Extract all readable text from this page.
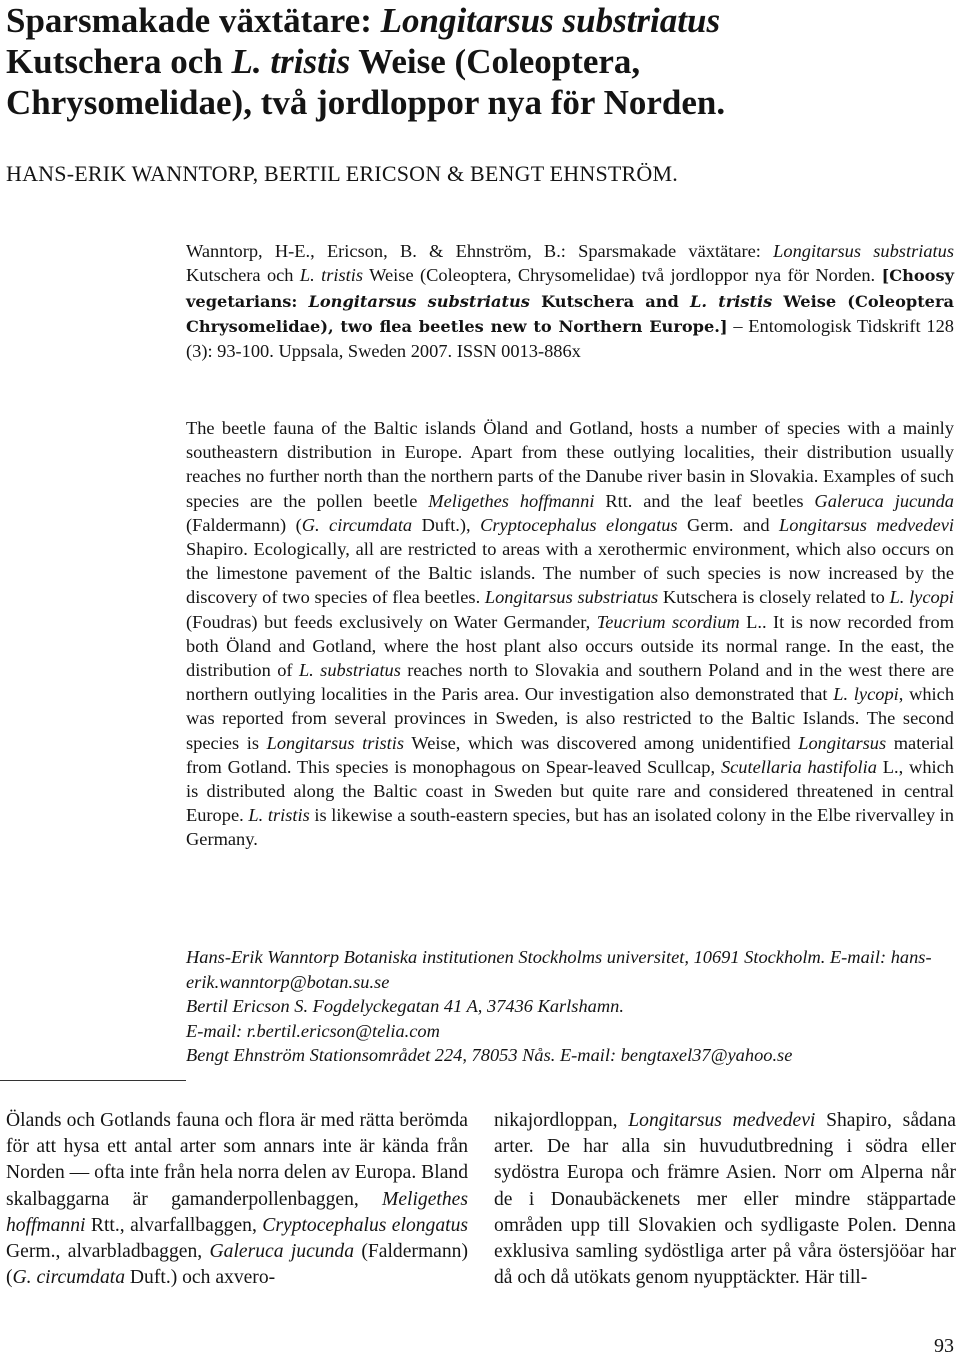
Sparsmakade växtätare: Longitarsus substriatus
Kutschera och L. tristis Weise (Coleoptera,
Chrysomelidae), två jordloppor nya för Norden.
HANS-ERIK WANNTORP, BERTIL ERICSON & BENGT EHNSTRÖM.
Wanntorp, H-E., Ericson, B. & Ehnström, B.: Sparsmakade växtätare: Longitarsus substriatus Kutschera och L. tristis Weise (Coleoptera, Chrysomelidae) två jordloppor nya för Norden. [Choosy vegetarians: Longitarsus substriatus Kutschera and L. tristis Weise (Coleoptera Chrysomelidae), two flea beetles new to Northern Europe.] – Entomologisk Tidskrift 128 (3): 93-100. Uppsala, Sweden 2007. ISSN 0013-886x
The beetle fauna of the Baltic islands Öland and Gotland, hosts a number of species with a mainly southeastern distribution in Europe. Apart from these outlying localities, their distribution usually reaches no further north than the northern parts of the Danube river basin in Slovakia. Examples of such species are the pollen beetle Meligethes hoffmanni Rtt. and the leaf beetles Galeruca jucunda (Faldermann) (G. circumdata Duft.), Cryptocephalus elongatus Germ. and Longitarsus medvedevi Shapiro. Ecologically, all are restricted to areas with a xerothermic environment, which also occurs on the limestone pavement of the Baltic islands. The number of such species is now increased by the discovery of two species of flea beetles. Longitarsus substriatus Kutschera is closely related to L. lycopi (Foudras) but feeds exclusively on Water Germander, Teucrium scordium L.. It is now recorded from both Öland and Gotland, where the host plant also occurs outside its normal range. In the east, the distribution of L. substriatus reaches north to Slovakia and southern Poland and in the west there are northern outlying localities in the Paris area. Our investigation also demonstrated that L. lycopi, which was reported from several provinces in Sweden, is also restricted to the Baltic Islands. The second species is Longitarsus tristis Weise, which was discovered among unidentified Longitarsus material from Gotland. This species is monophagous on Spear-leaved Scullcap, Scutellaria hastifolia L., which is distributed along the Baltic coast in Sweden but quite rare and considered threatened in central Europe. L. tristis is likewise a south-eastern species, but has an isolated colony in the Elbe rivervalley in Germany.

Hans-Erik Wanntorp Botaniska institutionen Stockholms universitet, 10691 Stockholm. E-mail: hans-erik.wanntorp@botan.su.se

Bertil Ericson S. Fogdelyckegatan 41 A, 37436 Karlshamn.

E-mail: r.bertil.ericson@telia.com

Bengt Ehnström Stationsområdet 224, 78053 Nås. E-mail: bengtaxel37@yahoo.se

Ölands och Gotlands fauna och flora är med rätta berömda för att hysa ett antal arter som annars inte är kända från Norden — ofta inte från hela norra delen av Europa. Bland skalbaggarna är gamanderpollenbaggen, Meligethes hoffmanni Rtt., alvarfallbaggen, Cryptocephalus elongatus Germ., alvarbladbaggen, Galeruca jucunda (Faldermann) (G. circumdata Duft.) och axvero-
nikajordloppan, Longitarsus medvedevi Shapiro, sådana arter. De har alla sin huvudutbredning i södra eller sydöstra Europa och främre Asien. Norr om Alperna når de i Donaubäckenets mer eller mindre stäppartade områden upp till Slovakien och sydligaste Polen. Denna exklusiva samling sydöstliga arter på våra östersjööar har då och då utökats genom nyupptäckter. Här till-
93
